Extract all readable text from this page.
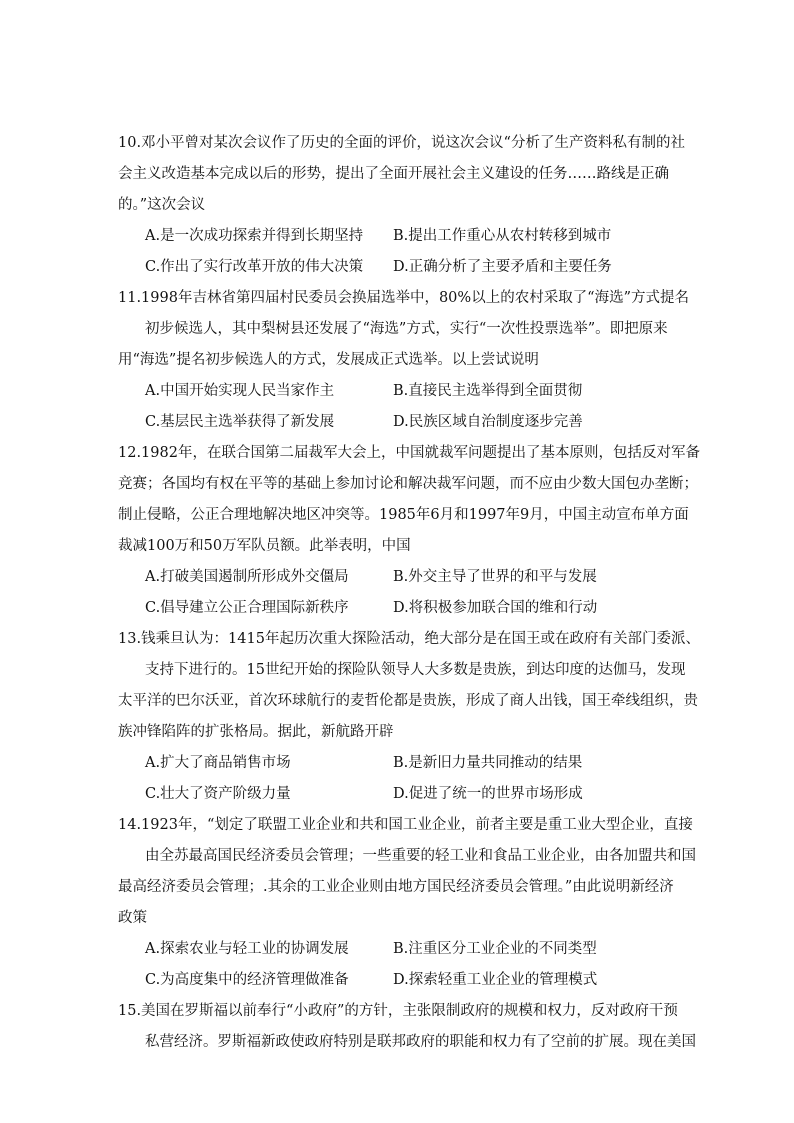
10.邓小平曾对某次会议作了历史的全面的评价，说这次会议“分析了生产资料私有制的社
会主义改造基本完成以后的形势，提出了全面开展社会主义建设的任务……路线是正确
的。”这次会议
A.是一次成功探索并得到长期坚持 B.提出工作重心从农村转移到城市
C.作出了实行改革开放的伟大决策 D.正确分析了主要矛盾和主要任务
11.1998年吉林省第四届村民委员会换届选举中，80%以上的农村采取了“海选”方式提名
初步候选人，其中梨树县还发展了“海选”方式，实行“一次性投票选举”。即把原来
用“海选”提名初步候选人的方式，发展成正式选举。以上尝试说明
A.中国开始实现人民当家作主	B.直接民主选举得到全面贯彻
C.基层民主选举获得了新发展	D.民族区域自治制度逐步完善
12.1982年，在联合国第二届裁军大会上，中国就裁军问题提出了基本原则，包括反对军备
竞赛；各国均有权在平等的基础上参加讨论和解决裁军问题，而不应由少数大国包办垄断；
制止侵略，公正合理地解决地区冲突等。1985年6月和1997年9月，中国主动宣布单方面
裁减100万和50万军队员额。此举表明，中国
A.打破美国遏制所形成外交僵局	B.外交主导了世界的和平与发展
C.倡导建立公正合理国际新秩序	D.将积极参加联合国的维和行动
13.钱乘旦认为：1415年起历次重大探险活动，绝大部分是在国王或在政府有关部门委派、
支持下进行的。15世纪开始的探险队领导人大多数是贵族，到达印度的达伽马，发现
太平洋的巴尔沃亚，首次环球航行的麦哲伦都是贵族，形成了商人出钱，国王牵线组织，贵
族冲锋陷阵的扩张格局。据此，新航路开辟
A.扩大了商品销售市场	B.是新旧力量共同推动的结果
C.壮大了资产阶级力量	D.促进了统一的世界市场形成
14.1923年，“划定了联盟工业企业和共和国工业企业，前者主要是重工业大型企业，直接
由全苏最高国民经济委员会管理；一些重要的轻工业和食品工业企业，由各加盟共和国
最高经济委员会管理；.其余的工业企业则由地方国民经济委员会管理。”由此说明新经济
政策
A.探索农业与轻工业的协调发展	B.注重区分工业企业的不同类型
C.为高度集中的经济管理做准备	D.探索轻重工业企业的管理模式
15.美国在罗斯福以前奉行“小政府”的方针，主张限制政府的规模和权力，反对政府干预
私营经济。罗斯福新政使政府特别是联邦政府的职能和权力有了空前的扩展。现在美国
